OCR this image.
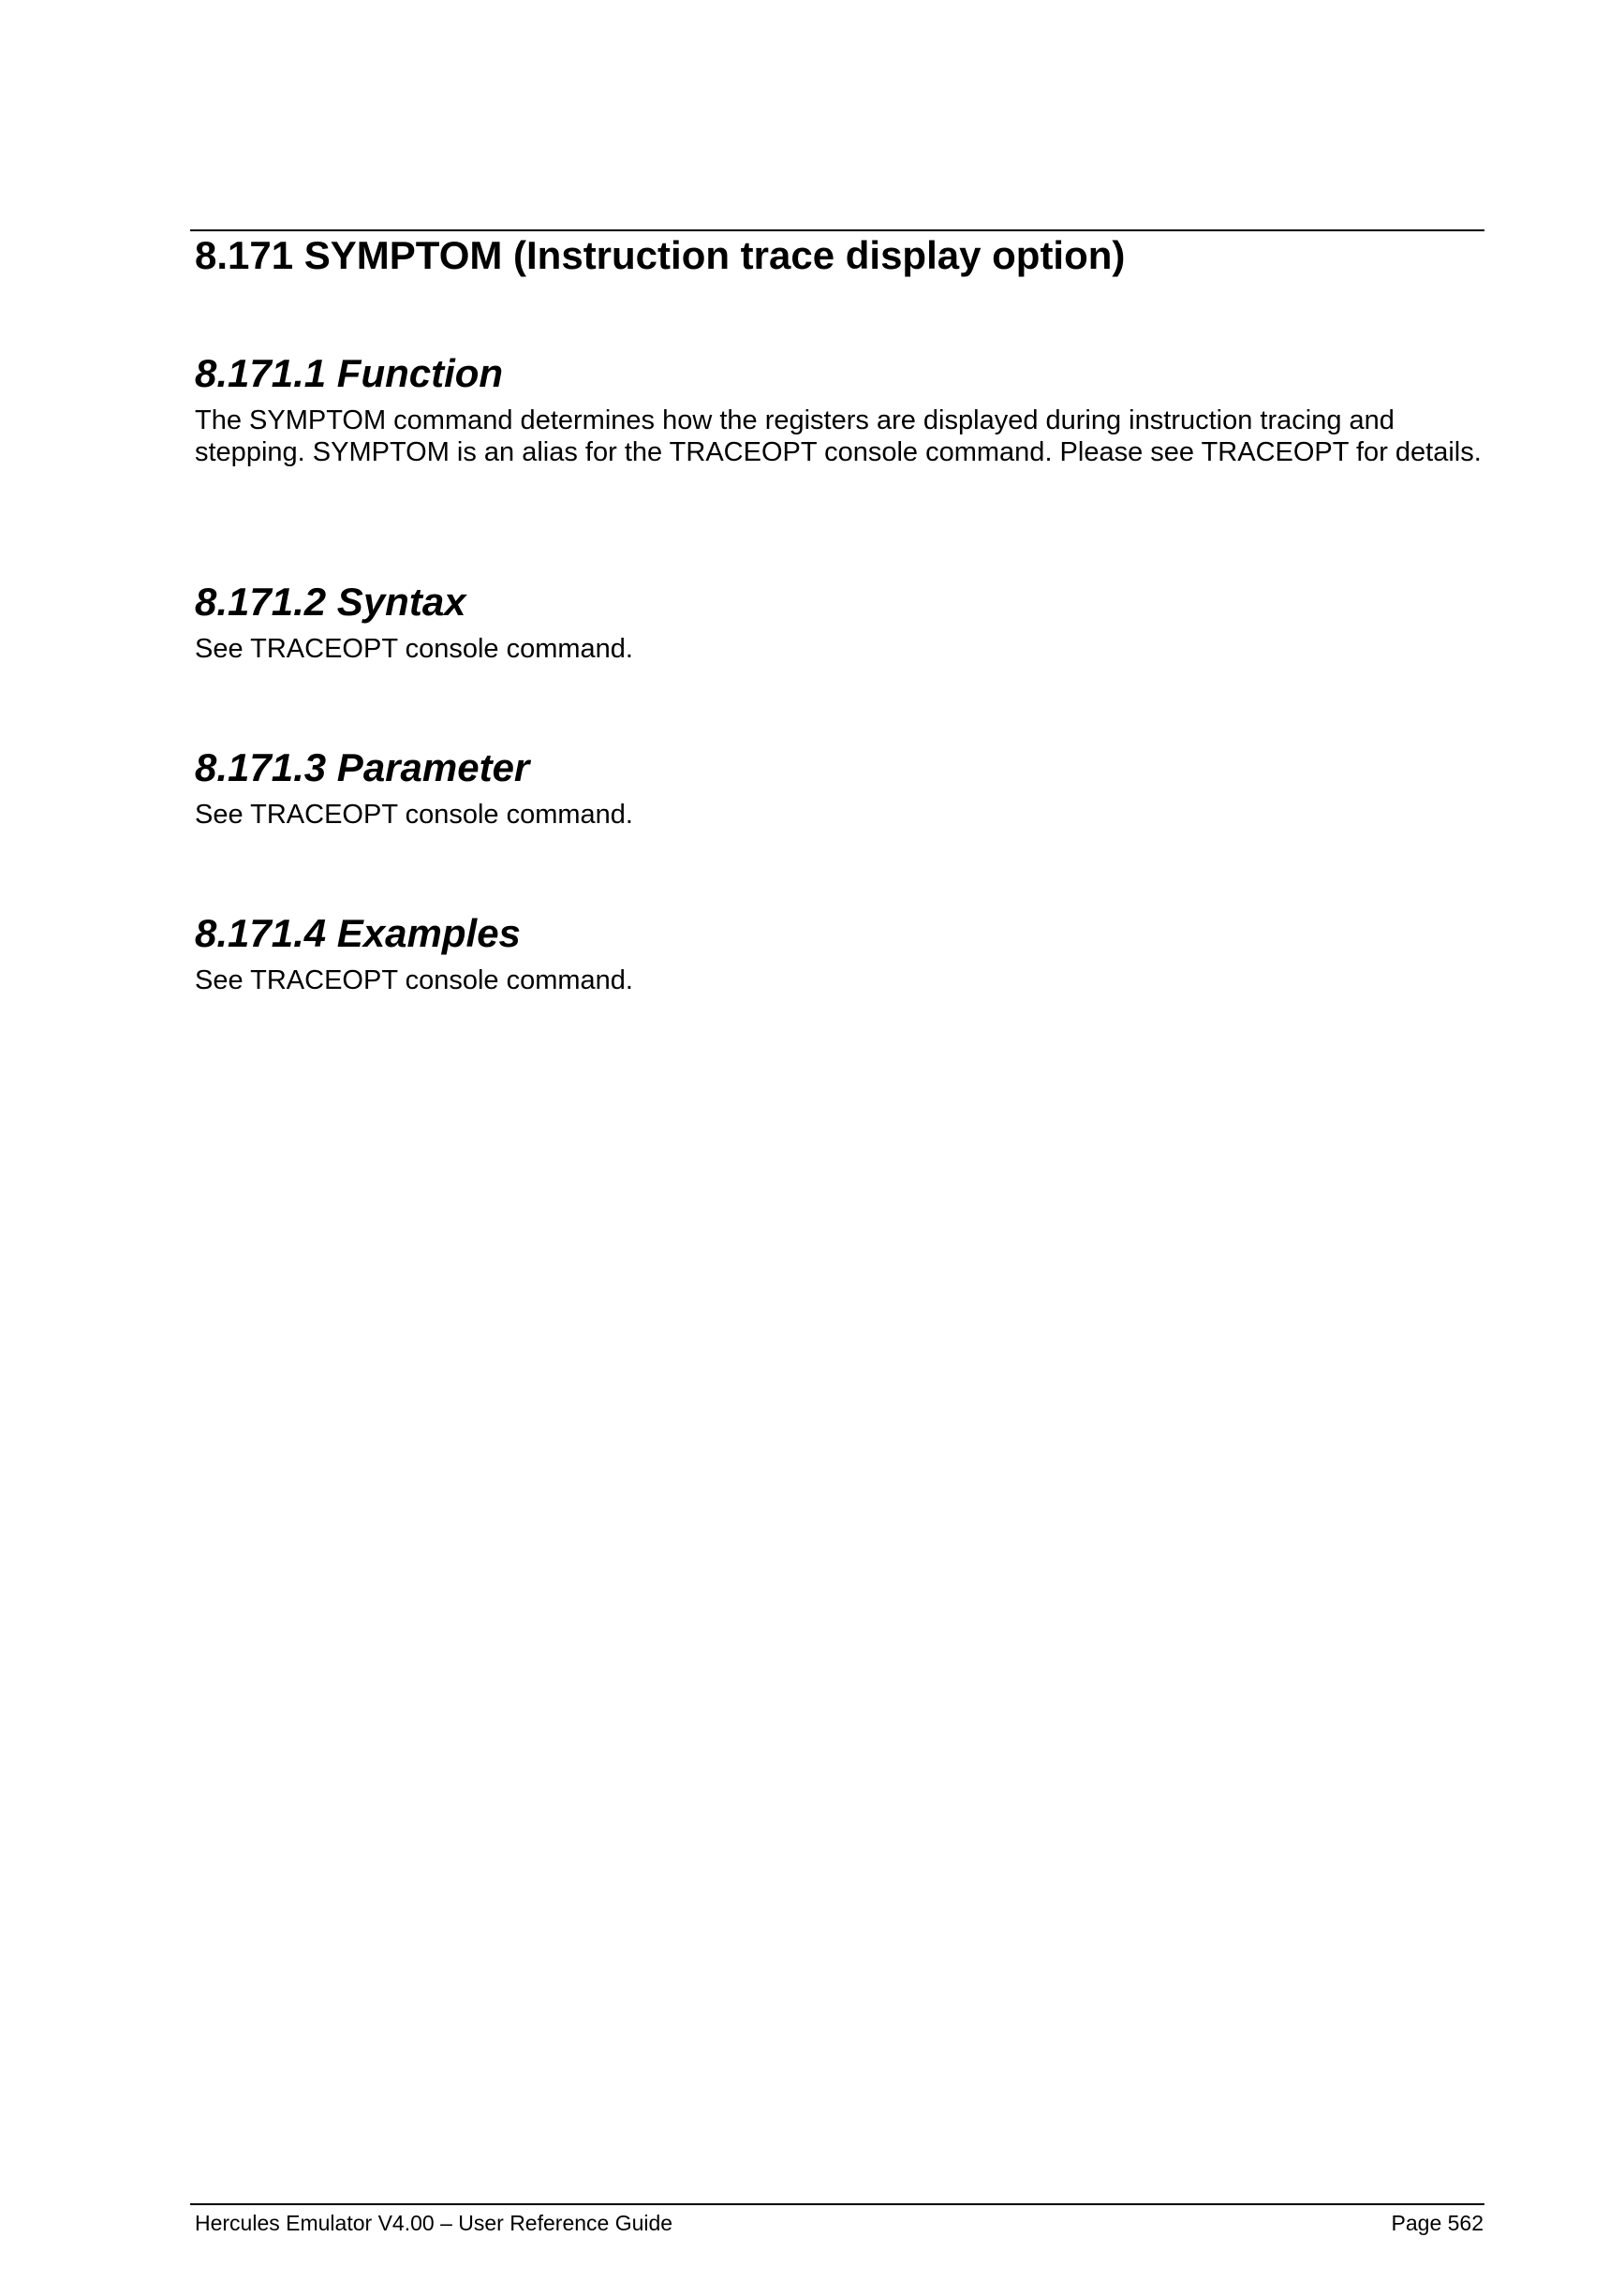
8.171 SYMPTOM (Instruction trace display option)
8.171.1 Function

The SYMPTOM command determines how the registers are displayed during instruction tracing and stepping. SYMPTOM is an alias for the TRACEOPT console command. Please see TRACEOPT for details.

8.171.2 Syntax

See TRACEOPT console command.

8.171.3 Parameter

See TRACEOPT console command.

8.171.4 Examples

See TRACEOPT console command.

Hercules Emulator V4.00 – User Reference Guide	Page 562
